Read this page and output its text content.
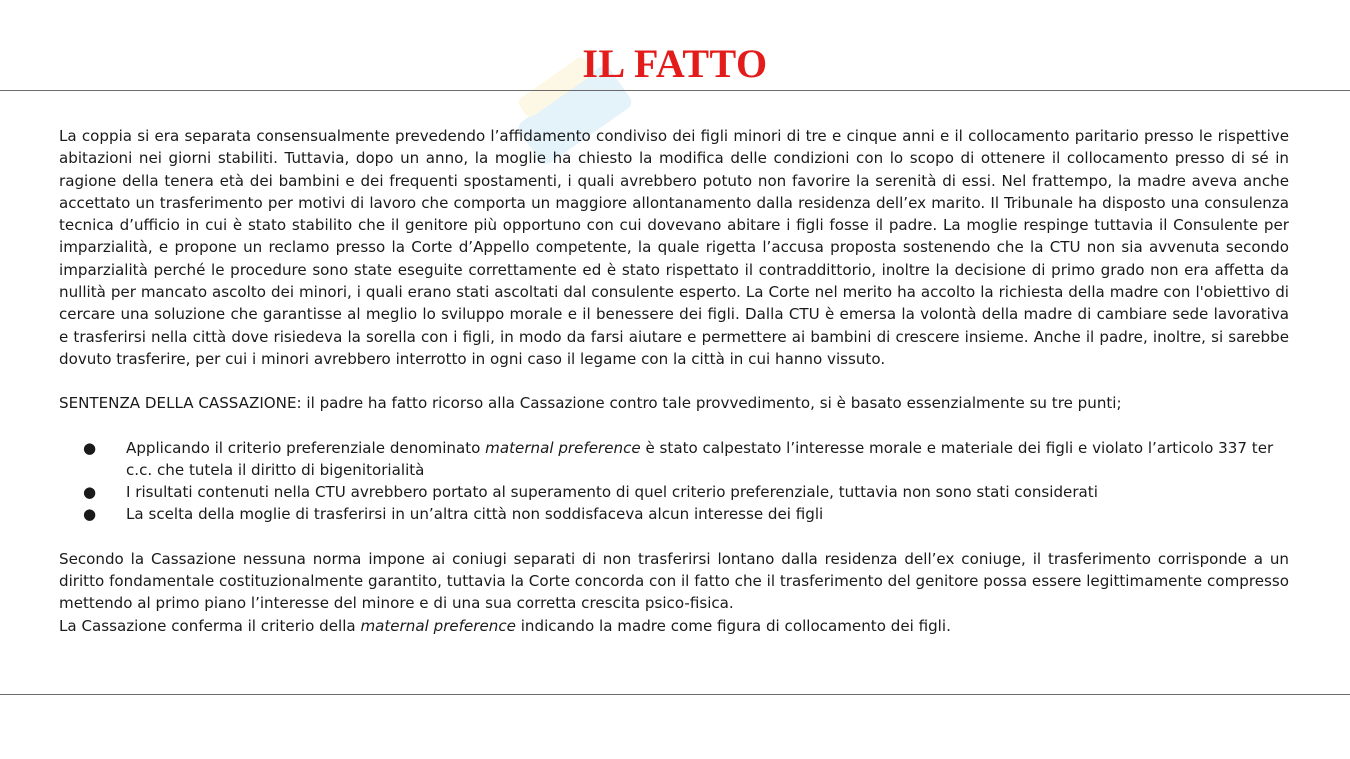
IL FATTO

La coppia si era separata consensualmente prevedendo l’affidamento condiviso dei figli minori di tre e cinque anni e il collocamento paritario presso le rispettive abitazioni nei giorni stabiliti. Tuttavia, dopo un anno, la moglie ha chiesto la modifica delle condizioni con lo scopo di ottenere il collocamento presso di sé in ragione della tenera età dei bambini e dei frequenti spostamenti, i quali avrebbero potuto non favorire la serenità di essi. Nel frattempo, la madre aveva anche accettato un trasferimento per motivi di lavoro che comporta un maggiore allontanamento dalla residenza dell’ex marito. Il Tribunale ha disposto una consulenza tecnica d’ufficio in cui è stato stabilito che il genitore più opportuno con cui dovevano abitare i figli fosse il padre. La moglie respinge tuttavia il Consulente per imparzialità, e propone un reclamo presso la Corte d’Appello competente, la quale rigetta l’accusa proposta sostenendo che la CTU non sia avvenuta secondo imparzialità perché le procedure sono state eseguite correttamente ed è stato rispettato il contraddittorio, inoltre la decisione di primo grado non era affetta da nullità per mancato ascolto dei minori, i quali erano stati ascoltati dal consulente esperto. La Corte nel merito ha accolto la richiesta della madre con l'obiettivo di cercare una soluzione che garantisse al meglio lo sviluppo morale e il benessere dei figli. Dalla CTU è emersa la volontà della madre di cambiare sede lavorativa e trasferirsi nella città dove risiedeva la sorella con i figli, in modo da farsi aiutare e permettere ai bambini di crescere insieme. Anche il padre, inoltre, si sarebbe dovuto trasferire, per cui i minori avrebbero interrotto in ogni caso il legame con la città in cui hanno vissuto.

SENTENZA DELLA CASSAZIONE: il padre ha fatto ricorso alla Cassazione contro tale provvedimento, si è basato essenzialmente su tre punti;

● Applicando il criterio preferenziale denominato maternal preference è stato calpestato l’interesse morale e materiale dei figli e violato l’articolo 337 ter c.c. che tutela il diritto di bigenitorialità
● I risultati contenuti nella CTU avrebbero portato al superamento di quel criterio preferenziale, tuttavia non sono stati considerati
● La scelta della moglie di trasferirsi in un’altra città non soddisfaceva alcun interesse dei figli

Secondo la Cassazione nessuna norma impone ai coniugi separati di non trasferirsi lontano dalla residenza dell’ex coniuge, il trasferimento corrisponde a un diritto fondamentale costituzionalmente garantito, tuttavia la Corte concorda con il fatto che il trasferimento del genitore possa essere legittimamente compresso mettendo al primo piano l’interesse del minore e di una sua corretta crescita psico-fisica.

La Cassazione conferma il criterio della maternal preference indicando la madre come figura di collocamento dei figli.
